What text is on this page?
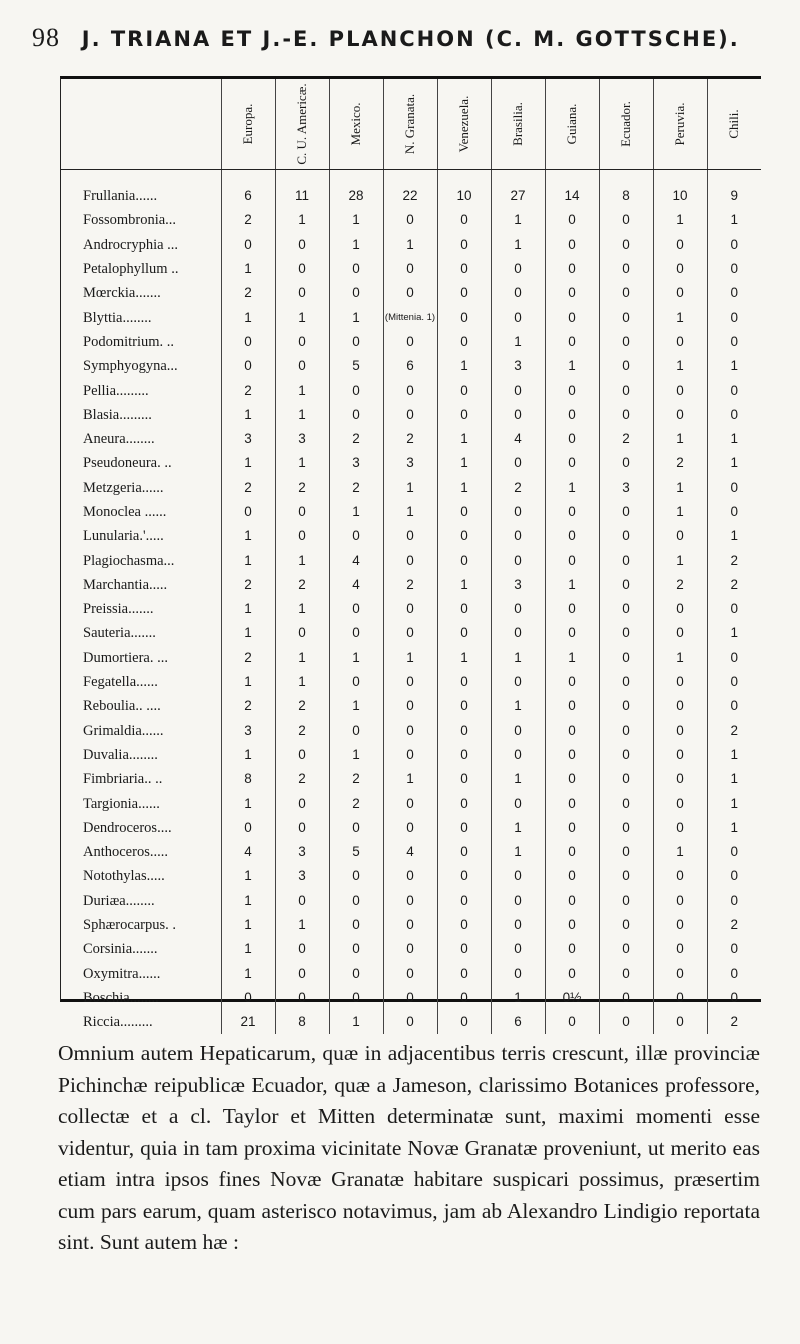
98 J. TRIANA ET J.-E. PLANCHON (C. M. GOTTSCHE).

	Europa.	C. U. Americæ.	Mexico.	N. Granata.	Venezuela.	Brasilia.	Guiana.	Ecuador.	Peruvia.	Chili.

Frullania......	6	11	28	22	10	27	14	8	10	9
Fossombronia...	2	1	1	0	0	1	0	0	1	1
Androcryphia ...	0	0	1	1	0	1	0	0	0	0
Petalophyllum ..	1	0	0	0	0	0	0	0	0	0
Mœrckia.......	2	0	0	0	0	0	0	0	0	0
Blyttia........	1	1	1	(Mittenia. 1)	0	0	0	0	1	0
Podomitrium. ..	0	0	0	0	0	1	0	0	0	0
Symphyogyna...	0	0	5	6	1	3	1	0	1	1
Pellia.........	2	1	0	0	0	0	0	0	0	0
Blasia.........	1	1	0	0	0	0	0	0	0	0
Aneura........	3	3	2	2	1	4	0	2	1	1
Pseudoneura. ..	1	1	3	3	1	0	0	0	2	1
Metzgeria......	2	2	2	1	1	2	1	3	1	0
Monoclea ......	0	0	1	1	0	0	0	0	1	0
Lunularia.'.....	1	0	0	0	0	0	0	0	0	1
Plagiochasma...	1	1	4	0	0	0	0	0	1	2
Marchantia.....	2	2	4	2	1	3	1	0	2	2
Preissia.......	1	1	0	0	0	0	0	0	0	0
Sauteria.......	1	0	0	0	0	0	0	0	0	1
Dumortiera. ...	2	1	1	1	1	1	1	0	1	0
Fegatella......	1	1	0	0	0	0	0	0	0	0
Reboulia.. ....	2	2	1	0	0	1	0	0	0	0
Grimaldia......	3	2	0	0	0	0	0	0	0	2
Duvalia........	1	0	1	0	0	0	0	0	0	1
Fimbriaria.. ..	8	2	2	1	0	1	0	0	0	1
Targionia......	1	0	2	0	0	0	0	0	0	1
Dendroceros....	0	0	0	0	0	1	0	0	0	1
Anthoceros.....	4	3	5	4	0	1	0	0	1	0
Notothylas.....	1	3	0	0	0	0	0	0	0	0
Duriæa........	1	0	0	0	0	0	0	0	0	0
Sphærocarpus. .	1	1	0	0	0	0	0	0	0	2
Corsinia.......	1	0	0	0	0	0	0	0	0	0
Oxymitra......	1	0	0	0	0	0	0	0	0	0
Boschia........	0	0	0	0	0	1	0½	0	0	0
Riccia.........	21	8	1	0	0	6	0	0	0	2
Omnium autem Hepaticarum, quæ in adjacentibus terris crescunt, illæ provinciæ Pichinchæ reipublicæ Ecuador, quæ a Jameson, clarissimo Botanices professore, collectæ et a cl. Taylor et Mitten determinatæ sunt, maximi momenti esse videntur, quia in tam proxima vicinitate Novæ Granatæ proveniunt, ut merito eas etiam intra ipsos fines Novæ Granatæ habitare suspicari possimus, præsertim cum pars earum, quam asterisco notavimus, jam ab Alexandro Lindigio reportata sint. Sunt autem hæ :
